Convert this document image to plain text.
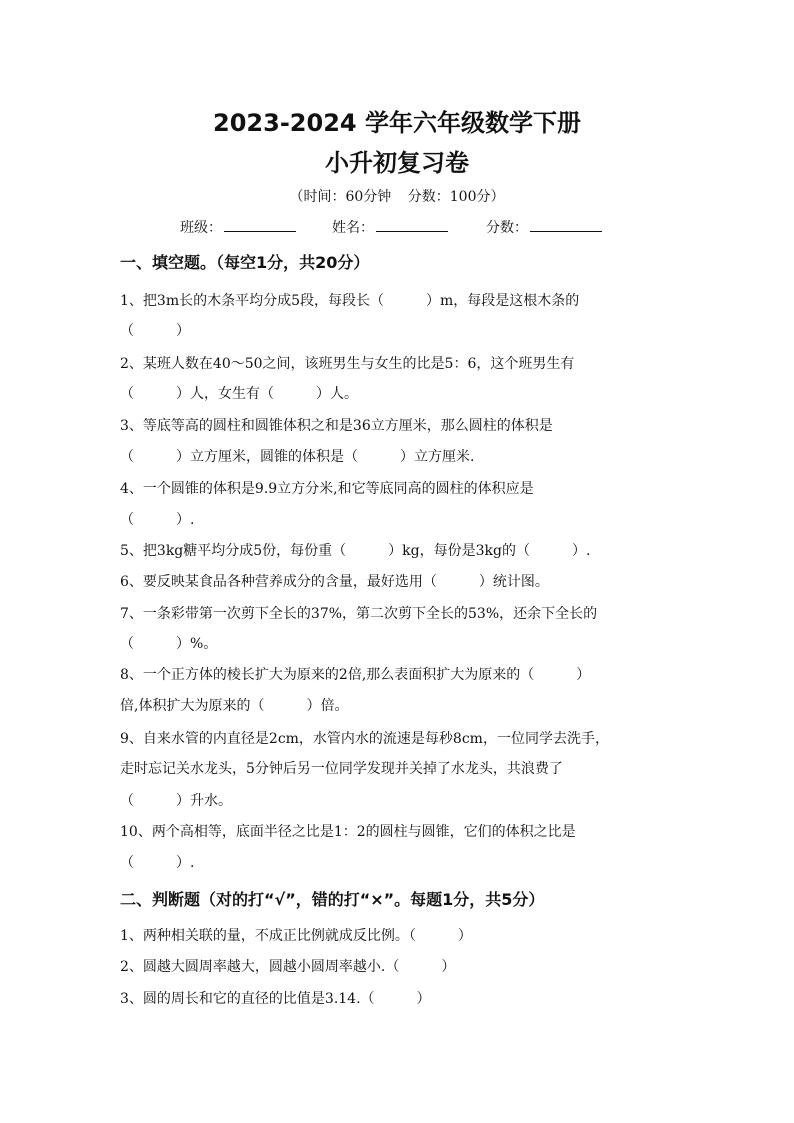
2023-2024 学年六年级数学下册
小升初复习卷
（时间：60分钟 分数：100分）
班级：	姓名：	分数：
一、填空题。（每空1分，共20分）
1、把3m长的木条平均分成5段，每段长（　　　）m，每段是这根木条的
（　　　）
2、某班人数在40～50之间，该班男生与女生的比是5：6，这个班男生有
（　　　）人，女生有（　　　）人。
3、等底等高的圆柱和圆锥体积之和是36立方厘米，那么圆柱的体积是
（　　　）立方厘米，圆锥的体积是（　　　）立方厘米.
4、一个圆锥的体积是9.9立方分米,和它等底同高的圆柱的体积应是
（　　　）.
5、把3kg糖平均分成5份，每份重（　　　）kg，每份是3kg的（　　　）.
6、要反映某食品各种营养成分的含量，最好选用（　　　）统计图。
7、一条彩带第一次剪下全长的37%，第二次剪下全长的53%，还余下全长的
（　　　）%。
8、一个正方体的棱长扩大为原来的2倍,那么表面积扩大为原来的（　　　）
倍,体积扩大为原来的（　　　）倍。
9、自来水管的内直径是2cm，水管内水的流速是每秒8cm，一位同学去洗手，
走时忘记关水龙头，5分钟后另一位同学发现并关掉了水龙头，共浪费了
（　　　）升水。
10、两个高相等，底面半径之比是1：2的圆柱与圆锥，它们的体积之比是
（　　　）.
二、判断题（对的打“√”，错的打“×”。每题1分，共5分）
1、两种相关联的量，不成正比例就成反比例。（　　　）
2、圆越大圆周率越大，圆越小圆周率越小.（　　　）
3、圆的周长和它的直径的比值是3.14.（　　　）
